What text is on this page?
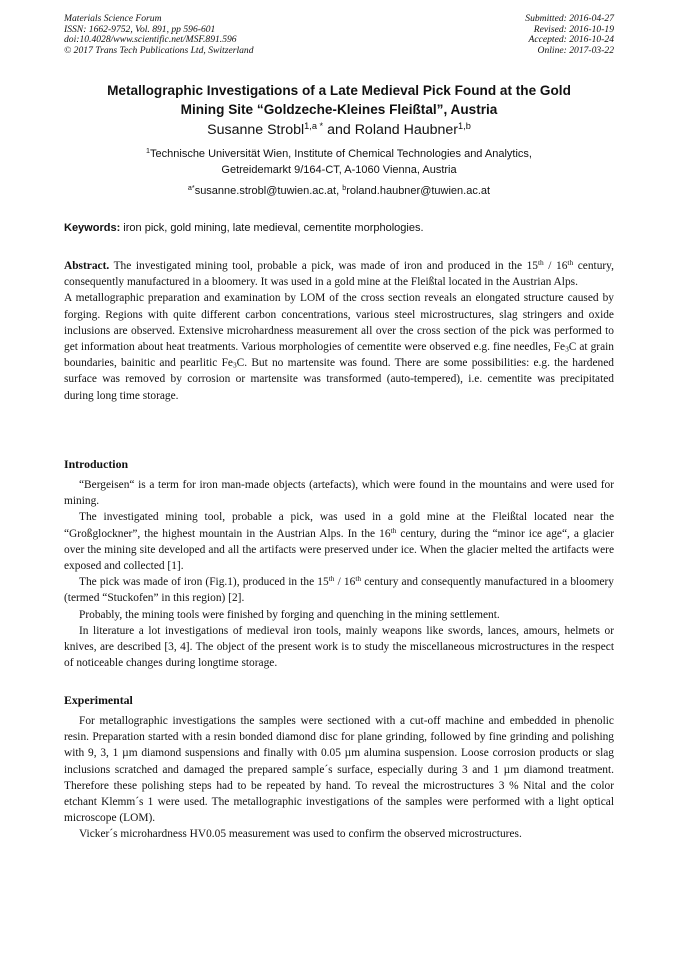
Materials Science Forum
ISSN: 1662-9752, Vol. 891, pp 596-601
doi:10.4028/www.scientific.net/MSF.891.596
© 2017 Trans Tech Publications Ltd, Switzerland
Submitted: 2016-04-27
Revised: 2016-10-19
Accepted: 2016-10-24
Online: 2017-03-22
Metallographic Investigations of a Late Medieval Pick Found at the Gold
Mining Site “Goldzeche-Kleines Fleißtal”, Austria
Susanne Strobl$^{1,a *}$ and Roland Haubner$^{1,b}$
$^1$Technische Universität Wien, Institute of Chemical Technologies and Analytics,
Getreidemarkt 9/164-CT, A-1060 Vienna, Austria
$^{a*}$susanne.strobl@tuwien.ac.at, $^b$roland.haubner@tuwien.ac.at
Keywords: iron pick, gold mining, late medieval, cementite morphologies.

Abstract. The investigated mining tool, probable a pick, was made of iron and produced in the 15th / 16th century, consequently manufactured in a bloomery. It was used in a gold mine at the Fleißtal located in the Austrian Alps.

A metallographic preparation and examination by LOM of the cross section reveals an elongated structure caused by forging. Regions with quite different carbon concentrations, various steel microstructures, slag stringers and oxide inclusions are observed. Extensive microhardness measurement all over the cross section of the pick was performed to get information about heat treatments. Various morphologies of cementite were observed e.g. fine needles, $Fe_3C$ at grain boundaries, bainitic and pearlitic $Fe_3C$. But no martensite was found. There are some possibilities: e.g. the hardened surface was removed by corrosion or martensite was transformed (auto-tempered), i.e. cementite was precipitated during long time storage.

Introduction

“Bergeisen“ is a term for iron man-made objects (artefacts), which were found in the mountains and were used for mining.

The investigated mining tool, probable a pick, was used in a gold mine at the Fleißtal located near the “Großglockner”, the highest mountain in the Austrian Alps. In the 16th century, during the “minor ice age“, a glacier over the mining site developed and all the artifacts were preserved under ice. When the glacier melted the artifacts were exposed and collected [1].

The pick was made of iron (Fig.1), produced in the 15th / 16th century and consequently manufactured in a bloomery (termed “Stuckofen” in this region) [2].

Probably, the mining tools were finished by forging and quenching in the mining settlement.

In literature a lot investigations of medieval iron tools, mainly weapons like swords, lances, amours, helmets or knives, are described [3, 4]. The object of the present work is to study the miscellaneous microstructures in the respect of noticeable changes during longtime storage.

Experimental

For metallographic investigations the samples were sectioned with a cut-off machine and embedded in phenolic resin. Preparation started with a resin bonded diamond disc for plane grinding, followed by fine grinding and polishing with 9, 3, 1 µm diamond suspensions and finally with 0.05 µm alumina suspension. Loose corrosion products or slag inclusions scratched and damaged the prepared sample´s surface, especially during 3 and 1 µm diamond treatment. Therefore these polishing steps had to be repeated by hand. To reveal the microstructures 3 % Nital and the color etchant Klemm´s 1 were used. The metallographic investigations of the samples were performed with a light optical microscope (LOM).

Vicker´s microhardness HV0.05 measurement was used to confirm the observed microstructures.
